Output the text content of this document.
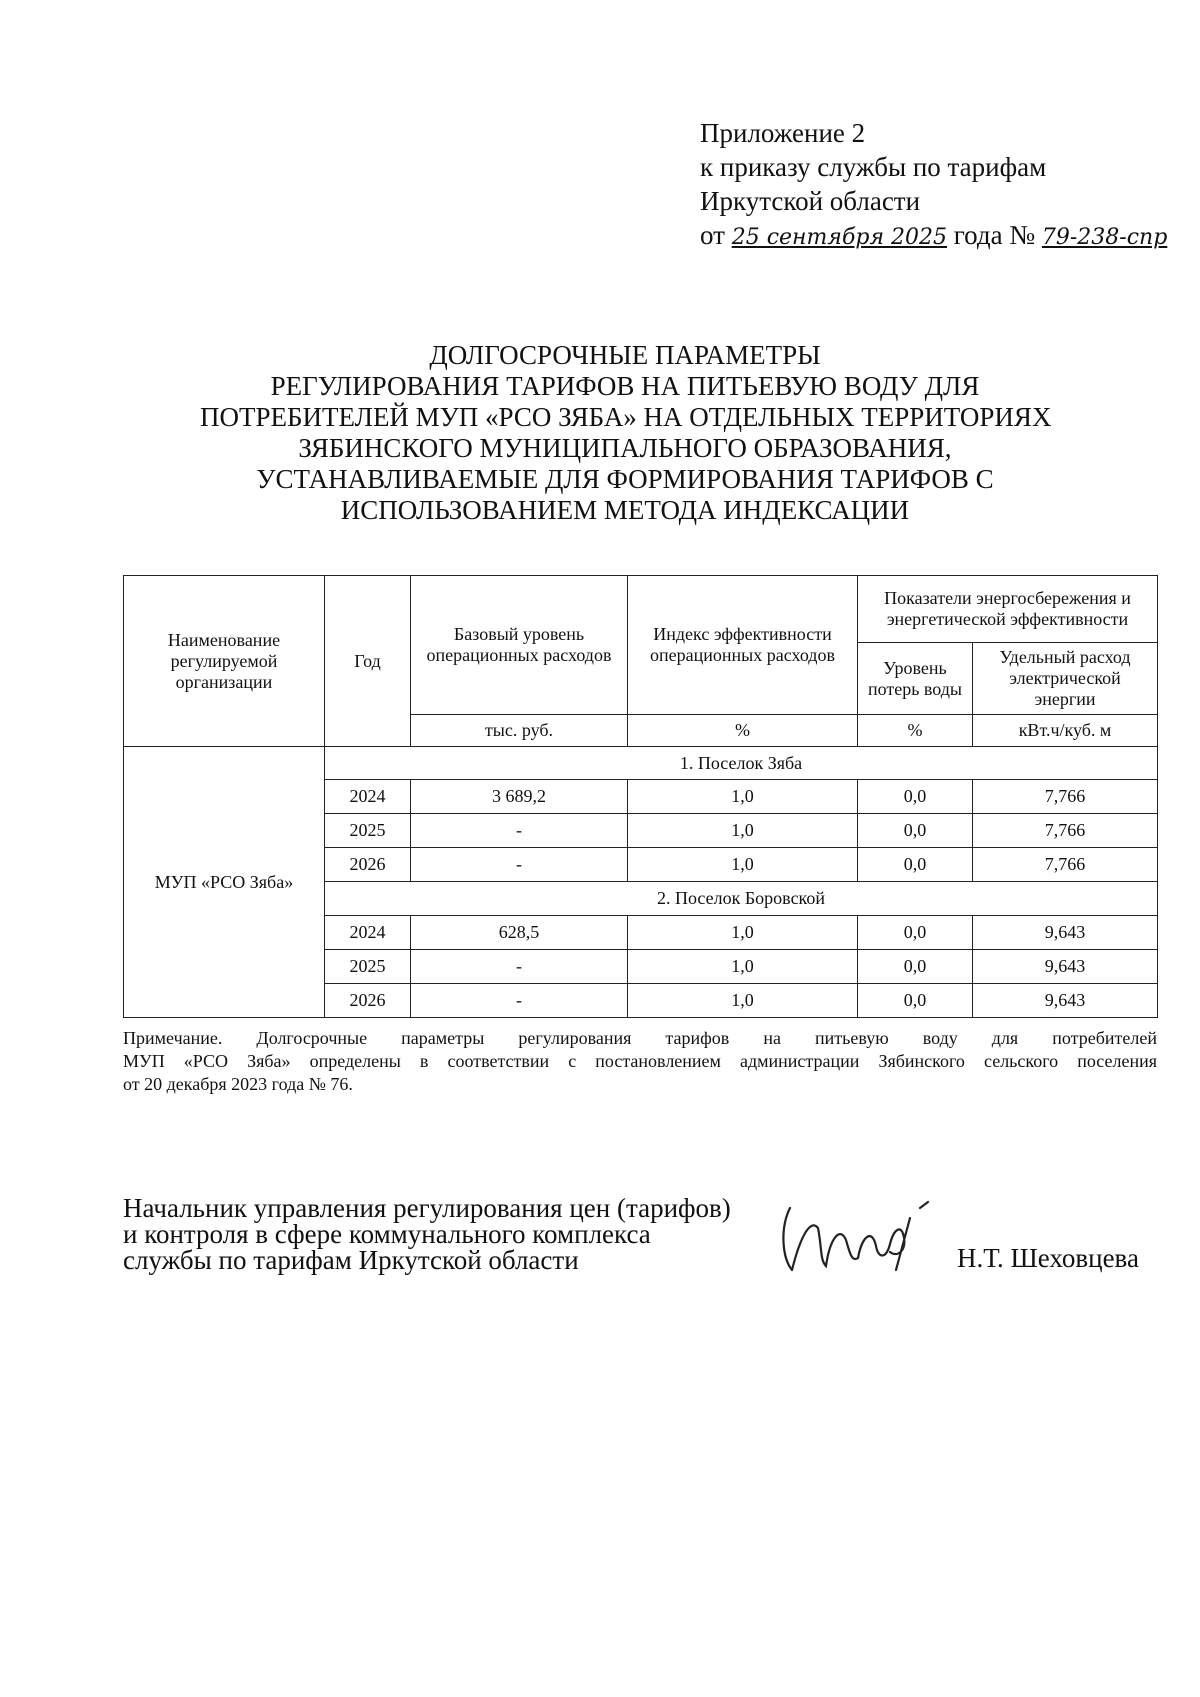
Приложение 2
к приказу службы по тарифам
Иркутской области
от 25 сентября 2025 года № 79-238-спр
ДОЛГОСРОЧНЫЕ ПАРАМЕТРЫ
РЕГУЛИРОВАНИЯ ТАРИФОВ НА ПИТЬЕВУЮ ВОДУ ДЛЯ
ПОТРЕБИТЕЛЕЙ МУП «РСО ЗЯБА» НА ОТДЕЛЬНЫХ ТЕРРИТОРИЯХ
ЗЯБИНСКОГО МУНИЦИПАЛЬНОГО ОБРАЗОВАНИЯ,
УСТАНАВЛИВАЕМЫЕ ДЛЯ ФОРМИРОВАНИЯ ТАРИФОВ С
ИСПОЛЬЗОВАНИЕМ МЕТОДА ИНДЕКСАЦИИ
Наименование регулируемой организации	Год	Базовый уровень операционных расходов	Индекс эффективности операционных расходов	Показатели энергосбережения и энергетической эффективности	
				Уровень потерь воды	Удельный расход электрической энергии
		тыс. руб.	%	%	кВт.ч/куб. м
МУП «РСО Зяба»	1. Поселок Зяба				
	2024	3 689,2	1,0	0,0	7,766
	2025	-	1,0	0,0	7,766
	2026	-	1,0	0,0	7,766
	2. Поселок Боровской				
	2024	628,5	1,0	0,0	9,643
	2025	-	1,0	0,0	9,643
	2026	-	1,0	0,0	9,643
Примечание. Долгосрочные параметры регулирования тарифов на питьевую воду для потребителей
МУП «РСО Зяба» определены в соответствии с постановлением администрации Зябинского сельского поселения
от 20 декабря 2023 года № 76.
Начальник управления регулирования цен (тарифов)
и контроля в сфере коммунального комплекса
службы по тарифам Иркутской области	Н.Т. Шеховцева
